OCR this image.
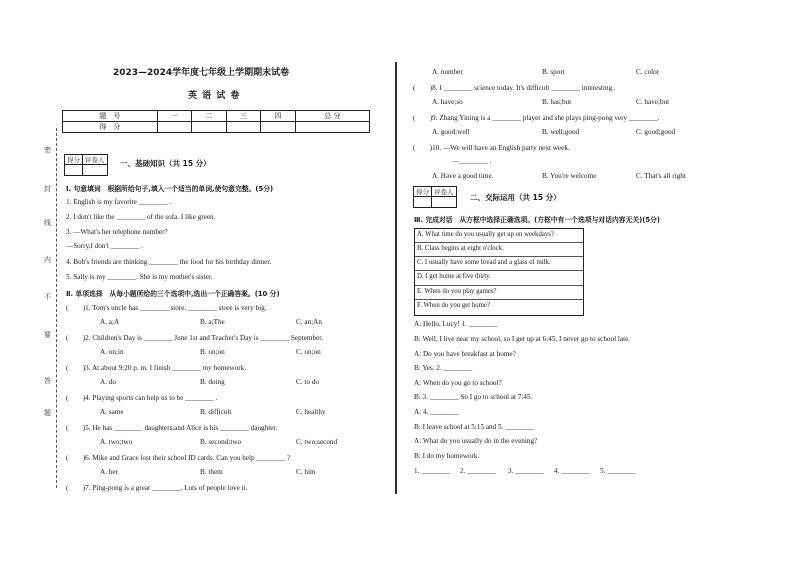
密
封
线
内
不
要
答
题
2023—2024学年度七年级上学期期末试卷
英 语 试 卷
题　号	一	二	三	四	总 分
得　分					
得分	评卷人
	一、基础知识（共 15 分）
Ⅰ. 句意填词　根据所给句子,填入一个适当的单词,使句意完整。(5分)
1. English is my favorite ________ .
2. I don't like the ________ of the sofa. I like green.
3. —What's her telephone number?
—Sorry,I don't ________ .
4. Bob's friends are thinking ________ the food for his birthday dinner.
5. Sally is my ________. She is my mother's sister.
Ⅱ. 单项选择　从每小题所给的三个选项中,选出一个正确答案。(10 分)
(　　)1. Tom's uncle has ________ store. ________ store is very big.
A. a;A	B. a;The	C. an;An
(　　)2. Children's Day is ________ June 1st and Teacher's Day is ________ September.
A. on;in	B. on;on	C. on;on
(　　)3. At about 9:20 p. m. I finish ________ my homework.
A. do	B. doing	C. to do
(　　)4. Playing sports can help us to be ________ .
A. same	B. difficult	C. healthy
(　　)5. He has ________ daughters,and Alice is his ________ daughter.
A. two;two	B. second;two	C. two;second
(　　)6. Mike and Grace lost their school ID cards. Can you help ________ ?
A. her	B. them	C. him
(　　)7. Ping-pong is a great ________. Lots of people love it.
A. number	B. sport	C. color
(　　)8. I ________ science today. It's difficult ________ interesting.
A. have;so	B. has;but	C. have;but
(　　)9. Zhang Yining is a ________ player and she plays ping-pong very ________.
A. good;well	B. well;good	C. good;good
(　　)10. —We will have an English party next week.
—________ .
A. Have a good time.	B. You're welcome	C. That's all right
得分	评卷人

二、交际运用（共 15 分）
Ⅲ. 完成对话　从方框中选择正确选项。(方框中有一个选项与对话内容无关)(5分)
A. What time do you usually get up on weekdays?
B. Class begins at eight o'clock.
C. I usually have some bread and a glass of milk.
D. I get home at five thirty.
E. When do you play games?
F. When do you get home?
A: Hello, Lucy! 1. ________
B: Well, I live near my school, so I get up at 6:45. I never go to school late.
A: Do you have breakfast at home?
B: Yes. 2. ________
A: When do you go to school?
B: 3. ________ So I go to school at 7:45.
A: 4. ________
B: I leave school at 5:15 and 5. ________
A: What do you usually do in the evening?
B: I do my homework.
1. ________ 2. ________ 3. ________ 4. ________ 5. ________
